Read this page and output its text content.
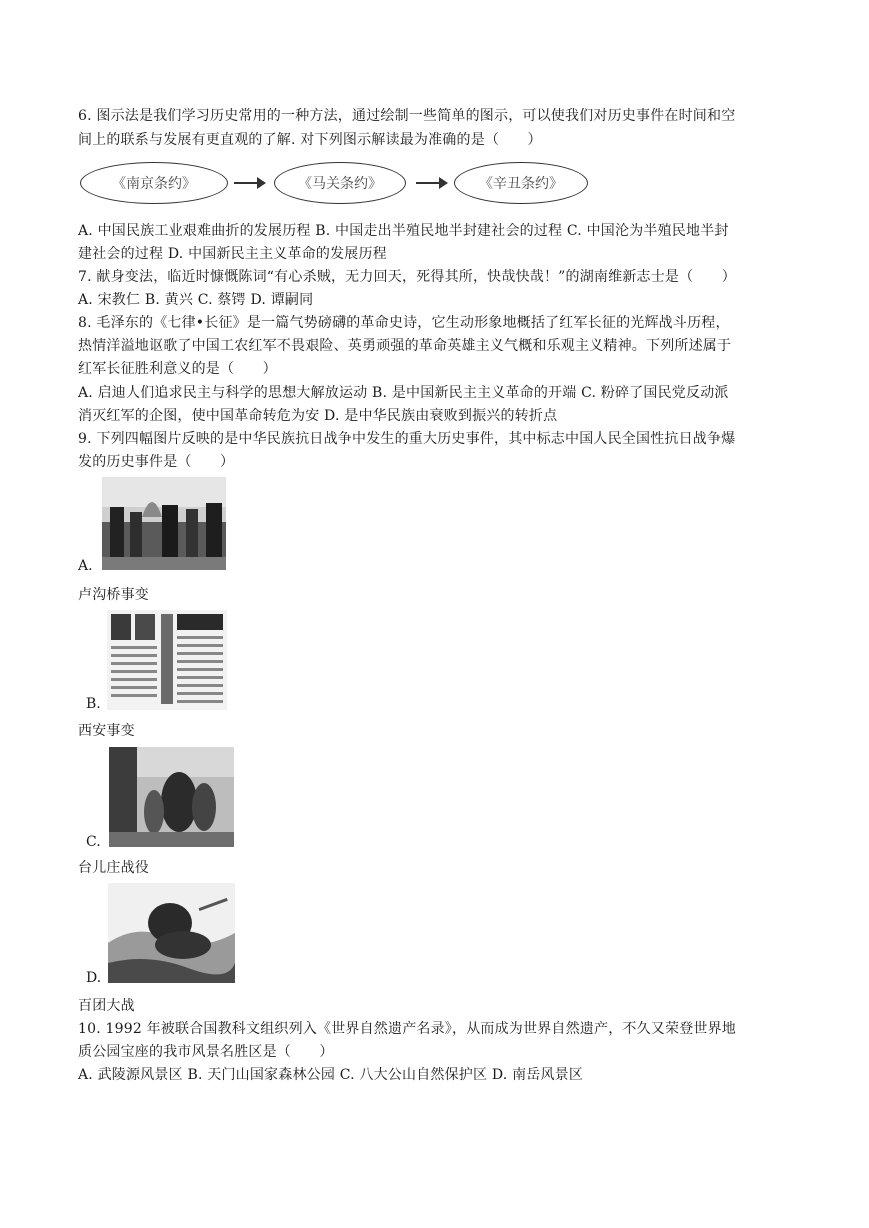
6. 图示法是我们学习历史常用的一种方法，通过绘制一些简单的图示，可以使我们对历史事件在时间和空
间上的联系与发展有更直观的了解. 对下列图示解读最为准确的是（　　）
《南京条约》	《马关条约》	《辛丑条约》
A. 中国民族工业艰难曲折的发展历程 B. 中国走出半殖民地半封建社会的过程 C. 中国沦为半殖民地半封
建社会的过程 D. 中国新民主主义革命的发展历程
7. 献身变法，临近时慷慨陈词“有心杀贼，无力回天，死得其所，快哉快哉！”的湖南维新志士是（　　）
A. 宋教仁 B. 黄兴 C. 蔡锷 D. 谭嗣同
8. 毛泽东的《七律•长征》是一篇气势磅礴的革命史诗，它生动形象地概括了红军长征的光辉战斗历程，
热情洋溢地讴歌了中国工农红军不畏艰险、英勇顽强的革命英雄主义气概和乐观主义精神。下列所述属于
红军长征胜利意义的是（　　）
A. 启迪人们追求民主与科学的思想大解放运动 B. 是中国新民主主义革命的开端 C. 粉碎了国民党反动派
消灭红军的企图，使中国革命转危为安 D. 是中华民族由衰败到振兴的转折点
9. 下列四幅图片反映的是中华民族抗日战争中发生的重大历史事件，其中标志中国人民全国性抗日战争爆
发的历史事件是（　　）
A.
卢沟桥事变
B.
西安事变
C.
台儿庄战役
D.
百团大战
10. 1992 年被联合国教科文组织列入《世界自然遗产名录》，从而成为世界自然遗产，不久又荣登世界地
质公园宝座的我市风景名胜区是（　　）
A. 武陵源风景区 B. 天门山国家森林公园 C. 八大公山自然保护区 D. 南岳风景区
